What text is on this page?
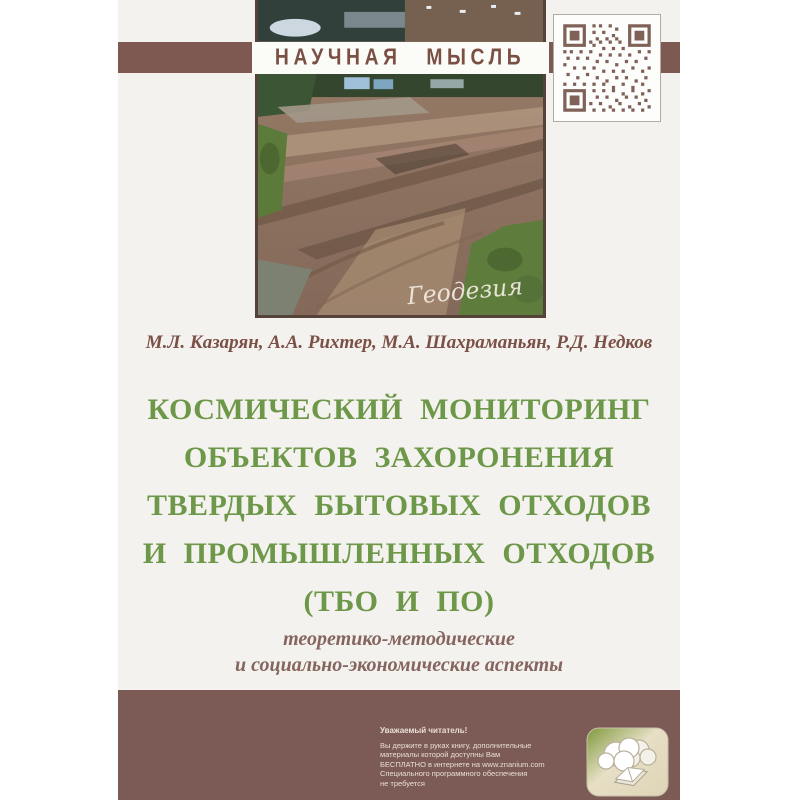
Геодезия
НАУЧНАЯ МЫСЛЬ
М.Л. Казарян, А.А. Рихтер, М.А. Шахраманьян, Р.Д. Недков
КОСМИЧЕСКИЙ МОНИТОРИНГ
ОБЪЕКТОВ ЗАХОРОНЕНИЯ
ТВЕРДЫХ БЫТОВЫХ ОТХОДОВ
И ПРОМЫШЛЕННЫХ ОТХОДОВ
(ТБО И ПО)
теоретико-методические
и социально-экономические аспекты
Уважаемый читатель!
Вы держите в руках книгу, дополнительные
материалы которой доступны Вам
БЕСПЛАТНО в интернете на www.znanium.com
Специального программного обеспечения
не требуется
